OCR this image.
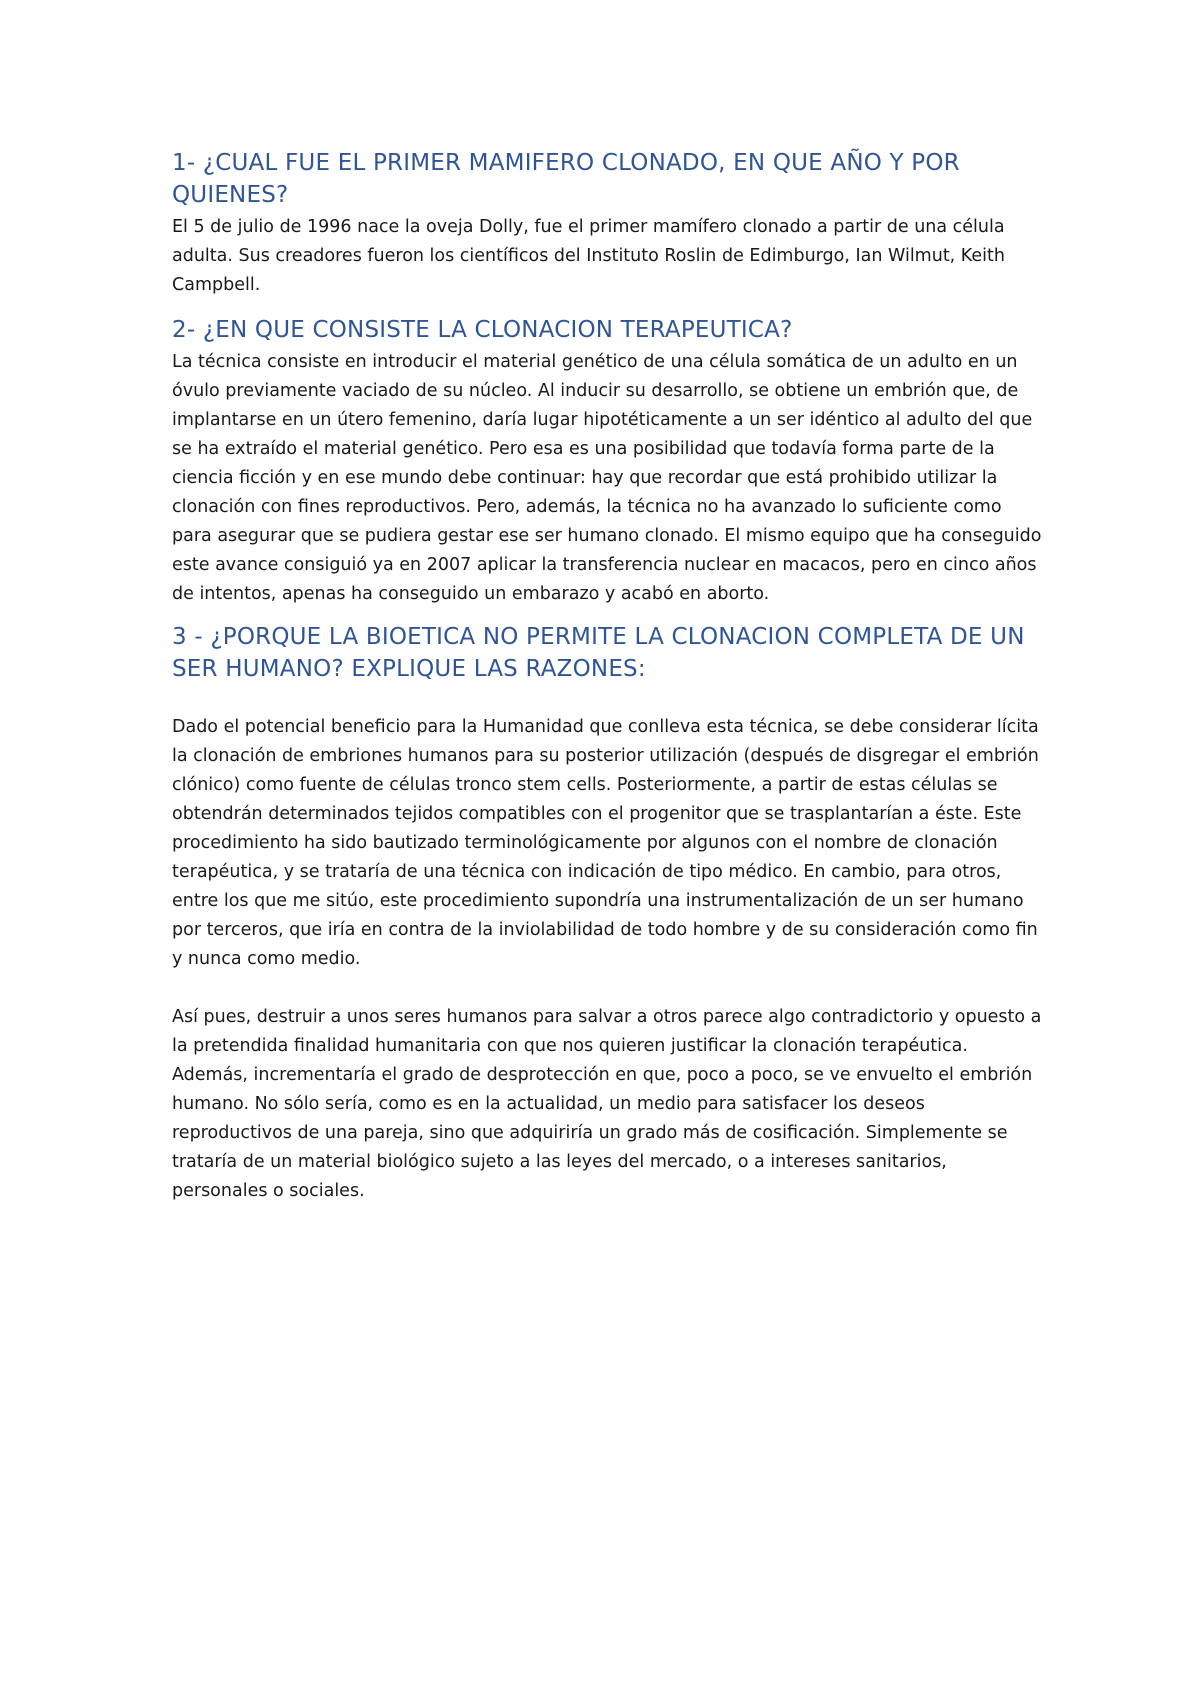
1- ¿CUAL FUE EL PRIMER MAMIFERO CLONADO, EN QUE AÑO Y POR QUIENES?

El 5 de julio de 1996 nace la oveja Dolly, fue el primer mamífero clonado a partir de una célula adulta. Sus creadores fueron los científicos del Instituto Roslin de Edimburgo, Ian Wilmut, Keith Campbell.

2- ¿EN QUE CONSISTE LA CLONACION TERAPEUTICA?

La técnica consiste en introducir el material genético de una célula somática de un adulto en un óvulo previamente vaciado de su núcleo. Al inducir su desarrollo, se obtiene un embrión que, de implantarse en un útero femenino, daría lugar hipotéticamente a un ser idéntico al adulto del que se ha extraído el material genético. Pero esa es una posibilidad que todavía forma parte de la ciencia ficción y en ese mundo debe continuar: hay que recordar que está prohibido utilizar la clonación con fines reproductivos. Pero, además, la técnica no ha avanzado lo suficiente como para asegurar que se pudiera gestar ese ser humano clonado. El mismo equipo que ha conseguido este avance consiguió ya en 2007 aplicar la transferencia nuclear en macacos, pero en cinco años de intentos, apenas ha conseguido un embarazo y acabó en aborto.

3 - ¿PORQUE LA BIOETICA NO PERMITE LA CLONACION COMPLETA DE UN SER HUMANO? EXPLIQUE LAS RAZONES:

Dado el potencial beneficio para la Humanidad que conlleva esta técnica, se debe considerar lícita la clonación de embriones humanos para su posterior utilización (después de disgregar el embrión clónico) como fuente de células tronco stem cells. Posteriormente, a partir de estas células se obtendrán determinados tejidos compatibles con el progenitor que se trasplantarían a éste. Este procedimiento ha sido bautizado terminológicamente por algunos con el nombre de clonación terapéutica, y se trataría de una técnica con indicación de tipo médico. En cambio, para otros, entre los que me sitúo, este procedimiento supondría una instrumentalización de un ser humano por terceros, que iría en contra de la inviolabilidad de todo hombre y de su consideración como fin y nunca como medio.

Así pues, destruir a unos seres humanos para salvar a otros parece algo contradictorio y opuesto a la pretendida finalidad humanitaria con que nos quieren justificar la clonación terapéutica. Además, incrementaría el grado de desprotección en que, poco a poco, se ve envuelto el embrión humano. No sólo sería, como es en la actualidad, un medio para satisfacer los deseos reproductivos de una pareja, sino que adquiriría un grado más de cosificación. Simplemente se trataría de un material biológico sujeto a las leyes del mercado, o a intereses sanitarios, personales o sociales.
